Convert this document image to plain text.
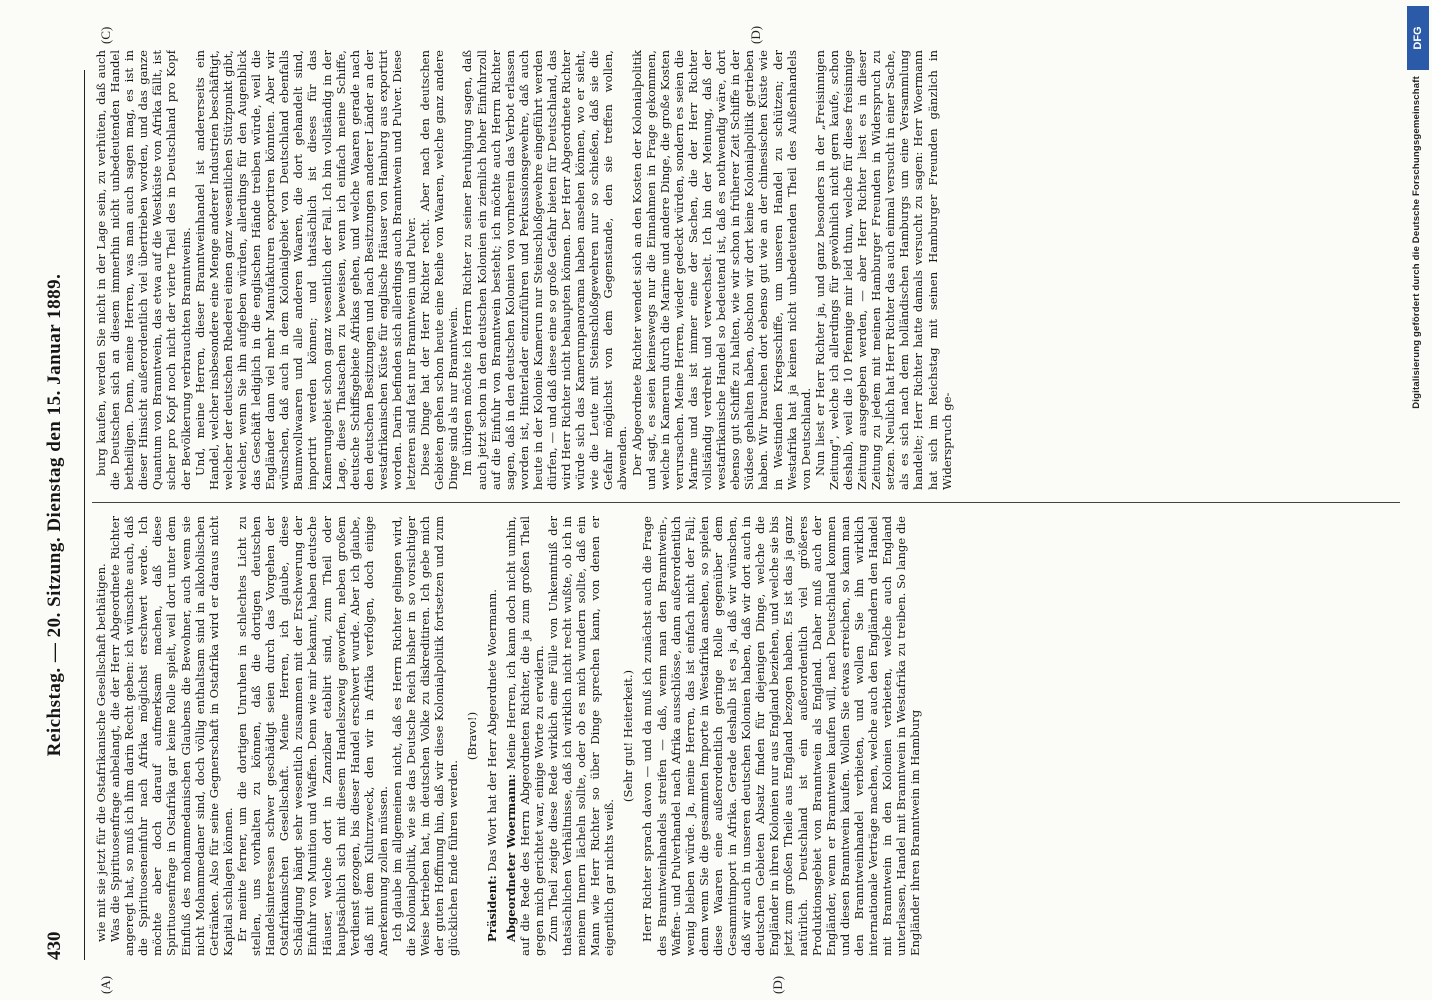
430
Reichstag. — 20. Sitzung. Dienstag den 15. Januar 1889.
(A)	(D)
(C)	(D)

wie mit sie jetzt für die Ostafrikanische Gesellschaft bethätigen. Was die Spirituosenfrage anbelangt, die der Herr Abgeordnete Richter angeregt hat, so muß ich ihm darin Recht geben: ich wünschte auch, daß die Spirituoseneinfuhr nach Afrika möglichst erschwert werde. Ich möchte aber doch darauf aufmerksam machen, daß diese Spirituosenfrage in Ostafrika gar keine Rolle spielt, weil dort unter dem Einfluß des mohammedanischen Glaubens die Bewohner, auch wenn sie nicht Mohammedaner sind, doch völlig enthaltsam sind in alkoholischen Getränken. Also für seine Gegnerschaft in Ostafrika wird er daraus nicht Kapital schlagen können. Er meinte ferner, um die dortigen Unruhen in schlechtes Licht zu stellen, uns vorhalten zu können, daß die dortigen deutschen Handelsinteressen schwer geschädigt seien durch das Vorgehen der Ostafrikanischen Gesellschaft. Meine Herren, ich glaube, diese Schädigung hängt sehr wesentlich zusammen mit der Erschwerung der Einfuhr von Munition und Waffen. Denn wie mir bekannt, haben deutsche Häuser, welche dort in Zanzibar etablirt sind, zum Theil oder hauptsächlich sich mit diesem Handelszweig geworfen, neben großem Verdienst gezogen, bis dieser Handel erschwert wurde. Aber ich glaube, daß mit dem Kulturzweck, den wir in Afrika verfolgen, doch einige Anerkennung zollen müssen. Ich glaube im allgemeinen nicht, daß es Herrn Richter gelingen wird, die Kolonialpolitik, wie sie das Deutsche Reich bisher in so vorsichtiger Weise betrieben hat, im deutschen Volke zu diskreditiren. Ich gebe mich der guten Hoffnung hin, daß wir diese Kolonialpolitik fortsetzen und zum glücklichen Ende führen werden.

(Bravo!)

Präsident: Das Wort hat der Herr Abgeordnete Woermann. Abgeordneter Woermann: Meine Herren, ich kann doch nicht umhin, auf die Rede des Herrn Abgeordneten Richter, die ja zum großen Theil gegen mich gerichtet war, einige Worte zu erwidern. Zum Theil zeigte diese Rede wirklich eine Fülle von Unkenntniß der thatsächlichen Verhältnisse, daß ich wirklich nicht recht wußte, ob ich in meinem Innern lächeln sollte, oder ob es mich wundern sollte, daß ein Mann wie Herr Richter so über Dinge sprechen kann, von denen er eigentlich gar nichts weiß.

(Sehr gut! Heiterkeit.) Herr Richter sprach davon — und da muß ich zunächst auch die Frage des Branntweinhandels streifen — daß, wenn man den Branntwein-, Waffen- und Pulverhandel nach Afrika ausschlösse, dann außerordentlich wenig bleiben würde. Ja, meine Herren, das ist einfach nicht der Fall; denn wenn Sie die gesammten Importe in Westafrika ansehen, so spielen diese Waaren eine außerordentlich geringe Rolle gegenüber dem Gesammtimport in Afrika. Gerade deshalb ist es ja, daß wir wünschen, daß wir auch in unseren deutschen Kolonien haben, daß wir dort auch in deutschen Gebieten Absatz finden für diejenigen Dinge, welche die Engländer in ihren Kolonien nur aus England beziehen, und welche sie bis jetzt zum großen Theile aus England bezogen haben. Es ist das ja ganz natürlich. Deutschland ist ein außerordentlich viel größeres Produktionsgebiet von Branntwein als England. Daher muß auch der Engländer, wenn er Branntwein kaufen will, nach Deutschland kommen und diesen Branntwein kaufen. Wollen Sie etwas erreichen, so kann man den Branntweinhandel verbieten, und wollen Sie ihn wirklich internationale Verträge machen, welche auch den Engländern den Handel mit Branntwein in den Kolonien verbieten, welche auch England unterlassen, Handel mit Branntwein in Westafrika zu treiben. So lange die Engländer ihren Branntwein im Hamburg

burg kaufen, werden Sie nicht in der Lage sein, zu verhüten, daß auch die Deutschen sich an diesem immerhin nicht unbedeutenden Handel betheiligen. Denn, meine Herren, was man auch sagen mag, es ist in dieser Hinsicht außerordentlich viel übertrieben worden, und das ganze Quantum von Branntwein, das etwa auf die Westküste von Afrika fällt, ist sicher pro Kopf noch nicht der vierte Theil des in Deutschland pro Kopf der Bevölkerung verbrauchten Branntweins. Und, meine Herren, dieser Branntweinhandel ist andererseits ein Handel, welcher insbesondere eine Menge anderer Industrien beschäftigt, welcher der deutschen Rhederei einen ganz wesentlichen Stützpunkt gibt, welcher, wenn Sie ihn aufgeben würden, allerdings für den Augenblick das Geschäft lediglich in die englischen Hände treiben würde, weil die Engländer dann viel mehr Manufakturen exportiren könnten. Aber wir wünschen, daß auch in dem Kolonialgebiet von Deutschland ebenfalls Baumwollwaaren und alle anderen Waaren, die dort gehandelt sind, importirt werden können; und thatsächlich ist dieses für das Kamerungebiet schon ganz wesentlich der Fall. Ich bin vollständig in der Lage, diese Thatsachen zu beweisen, wenn ich einfach meine Schiffe, deutsche Schiffsgebiete Afrikas gehen, und welche Waaren gerade nach den deutschen Besitzungen und nach Besitzungen anderer Länder an der westafrikanischen Küste für englische Häuser von Hamburg aus exportirt worden. Darin befinden sich allerdings auch Branntwein und Pulver. Diese letzteren sind fast nur Branntwein und Pulver. Diese Dinge hat der Herr Richter recht. Aber nach den deutschen Gebieten gehen schon heute eine Reihe von Waaren, welche ganz andere Dinge sind als nur Branntwein. Im übrigen möchte ich Herrn Richter zu seiner Beruhigung sagen, daß auch jetzt schon in den deutschen Kolonien ein ziemlich hoher Einfuhrzoll auf die Einfuhr von Branntwein besteht; ich möchte auch Herrn Richter sagen, daß in den deutschen Kolonien von vornherein das Verbot erlassen worden ist, Hinterlader einzuführen und Perkussionsgewehre, daß auch heute in der Kolonie Kamerun nur Steinschloßgewehre eingeführt werden dürfen, — und daß diese eine so große Gefahr bieten für Deutschland, das wird Herr Richter nicht behaupten können. Der Herr Abgeordnete Richter würde sich das Kamerunpanorama haben ansehen können, wo er sieht, wie die Leute mit Steinschloßgewehren nur so schießen, daß sie die Gefahr möglichst von dem Gegenstande, den sie treffen wollen, abwenden. Der Abgeordnete Richter wendet sich an den Kosten der Kolonialpolitik und sagt, es seien keineswegs nur die Einnahmen in Frage gekommen, welche in Kamerun durch die Marine und andere Dinge, die große Kosten verursachen. Meine Herren, wieder gedeckt würden, sondern es seien die Marine und das ist immer eine der Sachen, die der Herr Richter vollständig verdreht und verwechselt. Ich bin der Meinung, daß der westafrikanische Handel so bedeutend ist, daß es nothwendig wäre, dort ebenso gut Schiffe zu halten, wie wir schon in früherer Zeit Schiffe in der Südsee gehalten haben, obschon wir dort keine Kolonialpolitik getrieben haben. Wir brauchen dort ebenso gut wie an der chinesischen Küste wie in Westindien Kriegsschiffe, um unseren Handel zu schützen; der Westafrika hat ja keinen nicht unbedeutenden Theil des Außenhandels von Deutschland. Nun liest er Herr Richter ja, und ganz besonders in der „Freisinnigen Zeitung", welche ich allerdings für gewöhnlich nicht gern kaufe, schon deshalb, weil die 10 Pfennige mir leid thun, welche für diese freisinnige Zeitung ausgegeben werden, — aber Herr Richter liest es in dieser Zeitung zu jedem mit meinen Hamburger Freunden in Widerspruch zu setzen. Neulich hat Herr Richter das auch einmal versucht in einer Sache, als es sich nach dem holländischen Hamburgs um eine Versammlung handelte; Herr Richter hatte damals versucht zu sagen: Herr Woermann hat sich im Reichstag mit seinen Hamburger Freunden gänzlich in Widerspruch ge-

Digitalisierung gefördert durch die Deutsche Forschungsgemeinschaft
DFG
